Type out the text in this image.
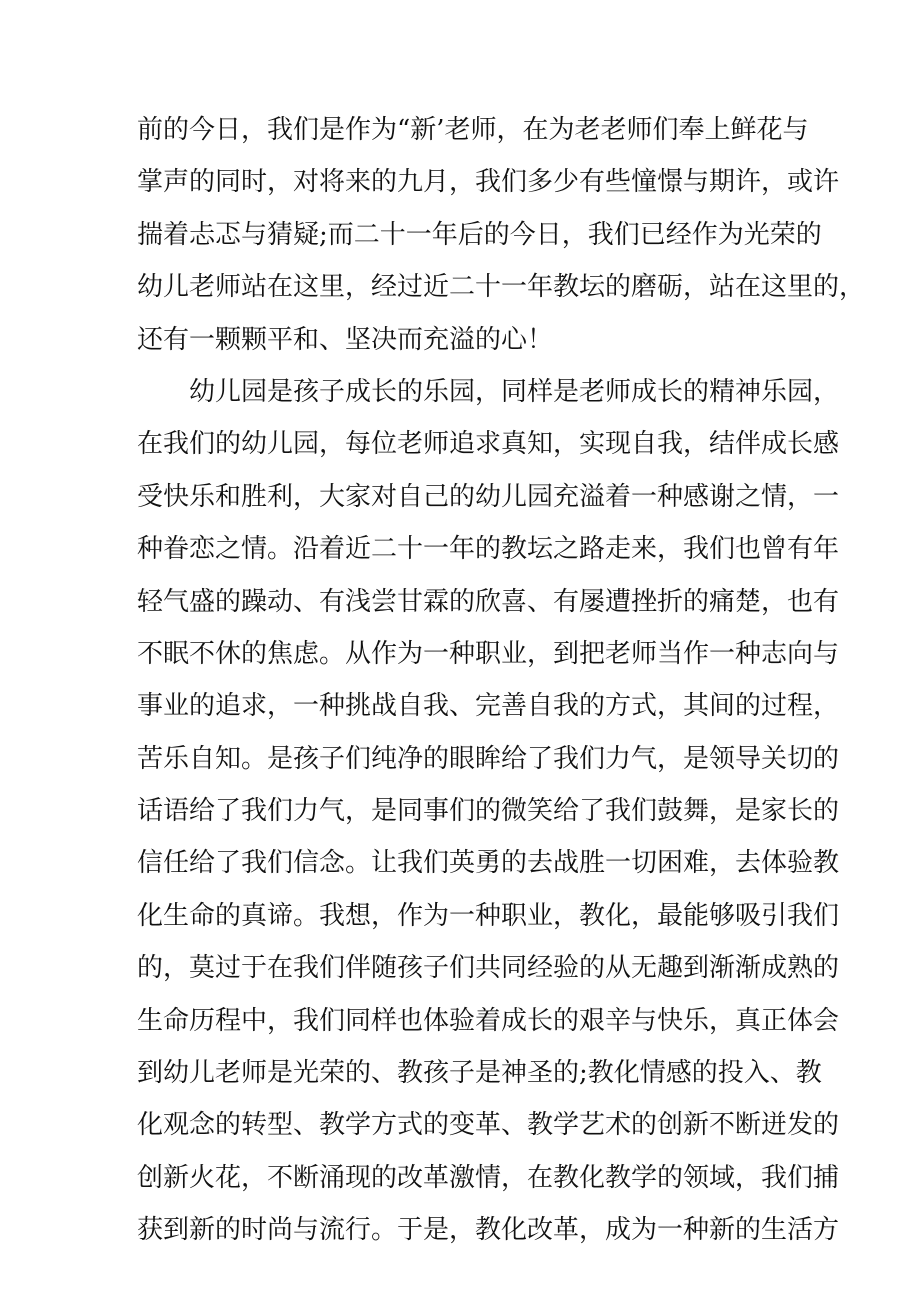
前的今日，我们是作为“新’老师，在为老老师们奉上鲜花与
掌声的同时，对将来的九月，我们多少有些憧憬与期许，或许
揣着忐忑与猜疑;而二十一年后的今日，我们已经作为光荣的
幼儿老师站在这里，经过近二十一年教坛的磨砺，站在这里的，
还有一颗颗平和、坚决而充溢的心！
幼儿园是孩子成长的乐园，同样是老师成长的精神乐园，
在我们的幼儿园，每位老师追求真知，实现自我，结伴成长感
受快乐和胜利，大家对自己的幼儿园充溢着一种感谢之情，一
种眷恋之情。沿着近二十一年的教坛之路走来，我们也曾有年
轻气盛的躁动、有浅尝甘霖的欣喜、有屡遭挫折的痛楚，也有
不眠不休的焦虑。从作为一种职业，到把老师当作一种志向与
事业的追求，一种挑战自我、完善自我的方式，其间的过程，
苦乐自知。是孩子们纯净的眼眸给了我们力气，是领导关切的
话语给了我们力气，是同事们的微笑给了我们鼓舞，是家长的
信任给了我们信念。让我们英勇的去战胜一切困难，去体验教
化生命的真谛。我想，作为一种职业，教化，最能够吸引我们
的，莫过于在我们伴随孩子们共同经验的从无趣到渐渐成熟的
生命历程中，我们同样也体验着成长的艰辛与快乐，真正体会
到幼儿老师是光荣的、教孩子是神圣的;教化情感的投入、教
化观念的转型、教学方式的变革、教学艺术的创新不断迸发的
创新火花，不断涌现的改革激情，在教化教学的领域，我们捕
获到新的时尚与流行。于是，教化改革，成为一种新的生活方
